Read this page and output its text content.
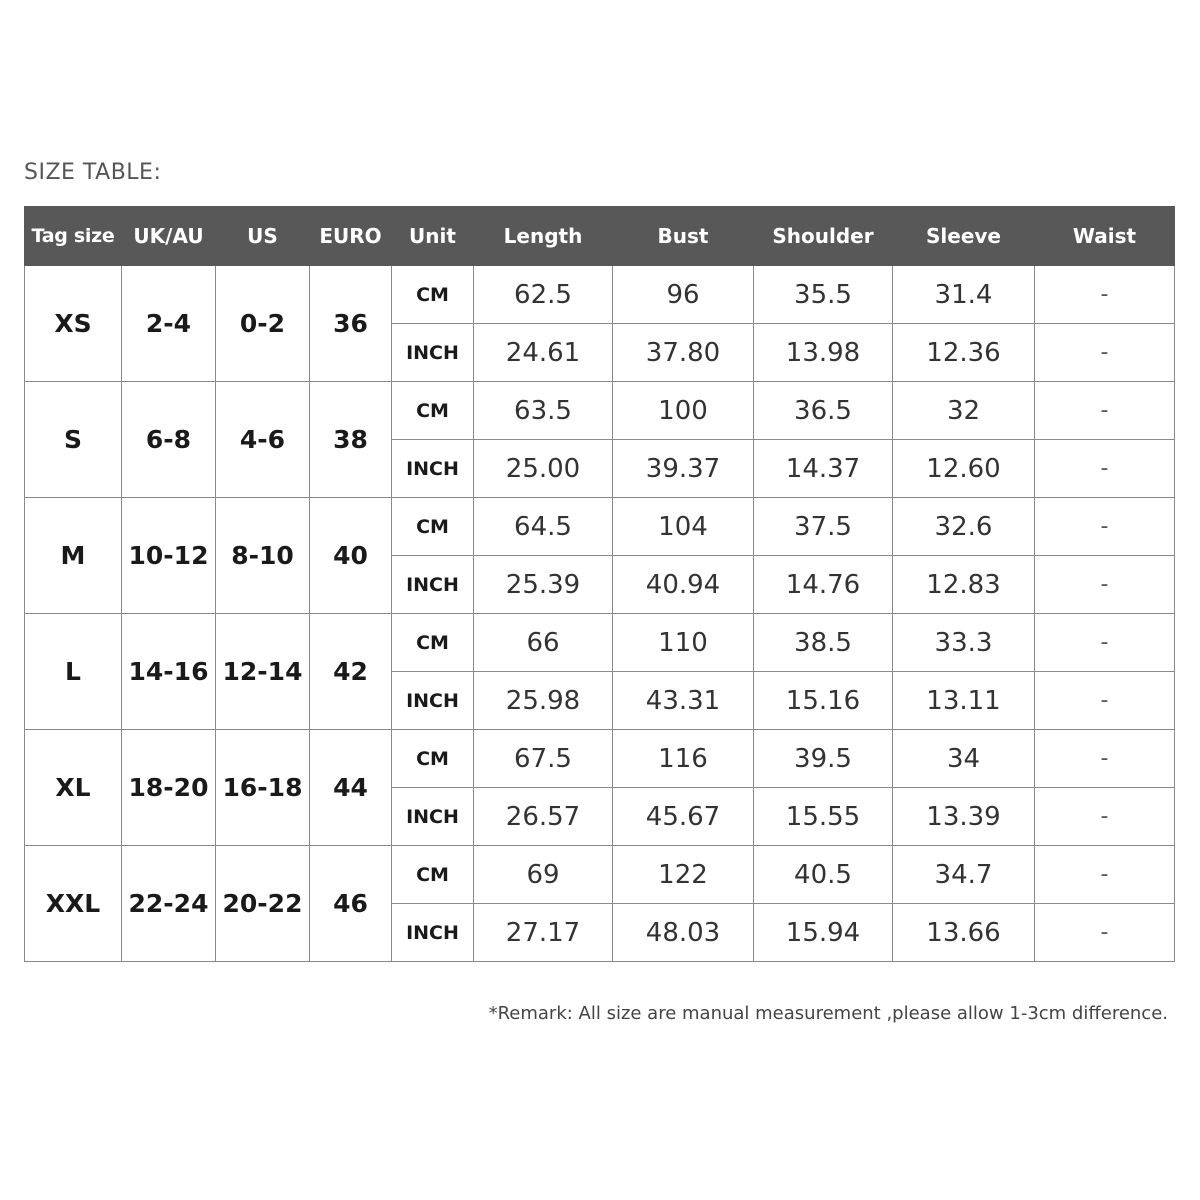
SIZE TABLE:
Tag size	UK/AU	US	EURO	Unit	Length	Bust	Shoulder	Sleeve	Waist
XS	2-4	0-2	36	CM	62.5	96	35.5	31.4	-
				INCH	24.61	37.80	13.98	12.36	-
S	6-8	4-6	38	CM	63.5	100	36.5	32	-
				INCH	25.00	39.37	14.37	12.60	-
M	10-12	8-10	40	CM	64.5	104	37.5	32.6	-
				INCH	25.39	40.94	14.76	12.83	-
L	14-16	12-14	42	CM	66	110	38.5	33.3	-
				INCH	25.98	43.31	15.16	13.11	-
XL	18-20	16-18	44	CM	67.5	116	39.5	34	-
				INCH	26.57	45.67	15.55	13.39	-
XXL	22-24	20-22	46	CM	69	122	40.5	34.7	-
				INCH	27.17	48.03	15.94	13.66	-
*Remark: All size are manual measurement ,please allow 1-3cm difference.
